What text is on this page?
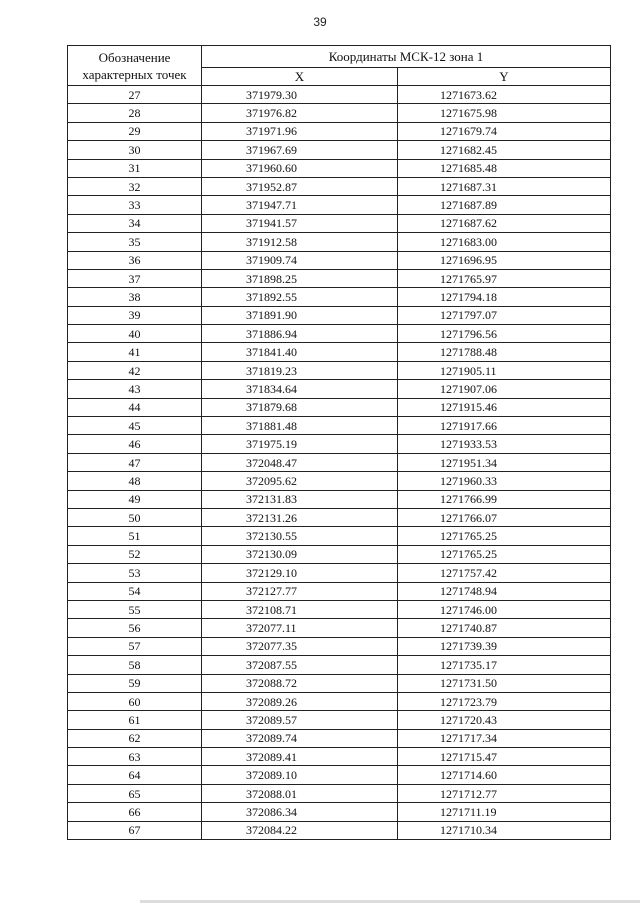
39
Обозначение характерных точек	Координаты МСК-12 зона 1	
	X	Y
27	371979.30	1271673.62
28	371976.82	1271675.98
29	371971.96	1271679.74
30	371967.69	1271682.45
31	371960.60	1271685.48
32	371952.87	1271687.31
33	371947.71	1271687.89
34	371941.57	1271687.62
35	371912.58	1271683.00
36	371909.74	1271696.95
37	371898.25	1271765.97
38	371892.55	1271794.18
39	371891.90	1271797.07
40	371886.94	1271796.56
41	371841.40	1271788.48
42	371819.23	1271905.11
43	371834.64	1271907.06
44	371879.68	1271915.46
45	371881.48	1271917.66
46	371975.19	1271933.53
47	372048.47	1271951.34
48	372095.62	1271960.33
49	372131.83	1271766.99
50	372131.26	1271766.07
51	372130.55	1271765.25
52	372130.09	1271765.25
53	372129.10	1271757.42
54	372127.77	1271748.94
55	372108.71	1271746.00
56	372077.11	1271740.87
57	372077.35	1271739.39
58	372087.55	1271735.17
59	372088.72	1271731.50
60	372089.26	1271723.79
61	372089.57	1271720.43
62	372089.74	1271717.34
63	372089.41	1271715.47
64	372089.10	1271714.60
65	372088.01	1271712.77
66	372086.34	1271711.19
67	372084.22	1271710.34
